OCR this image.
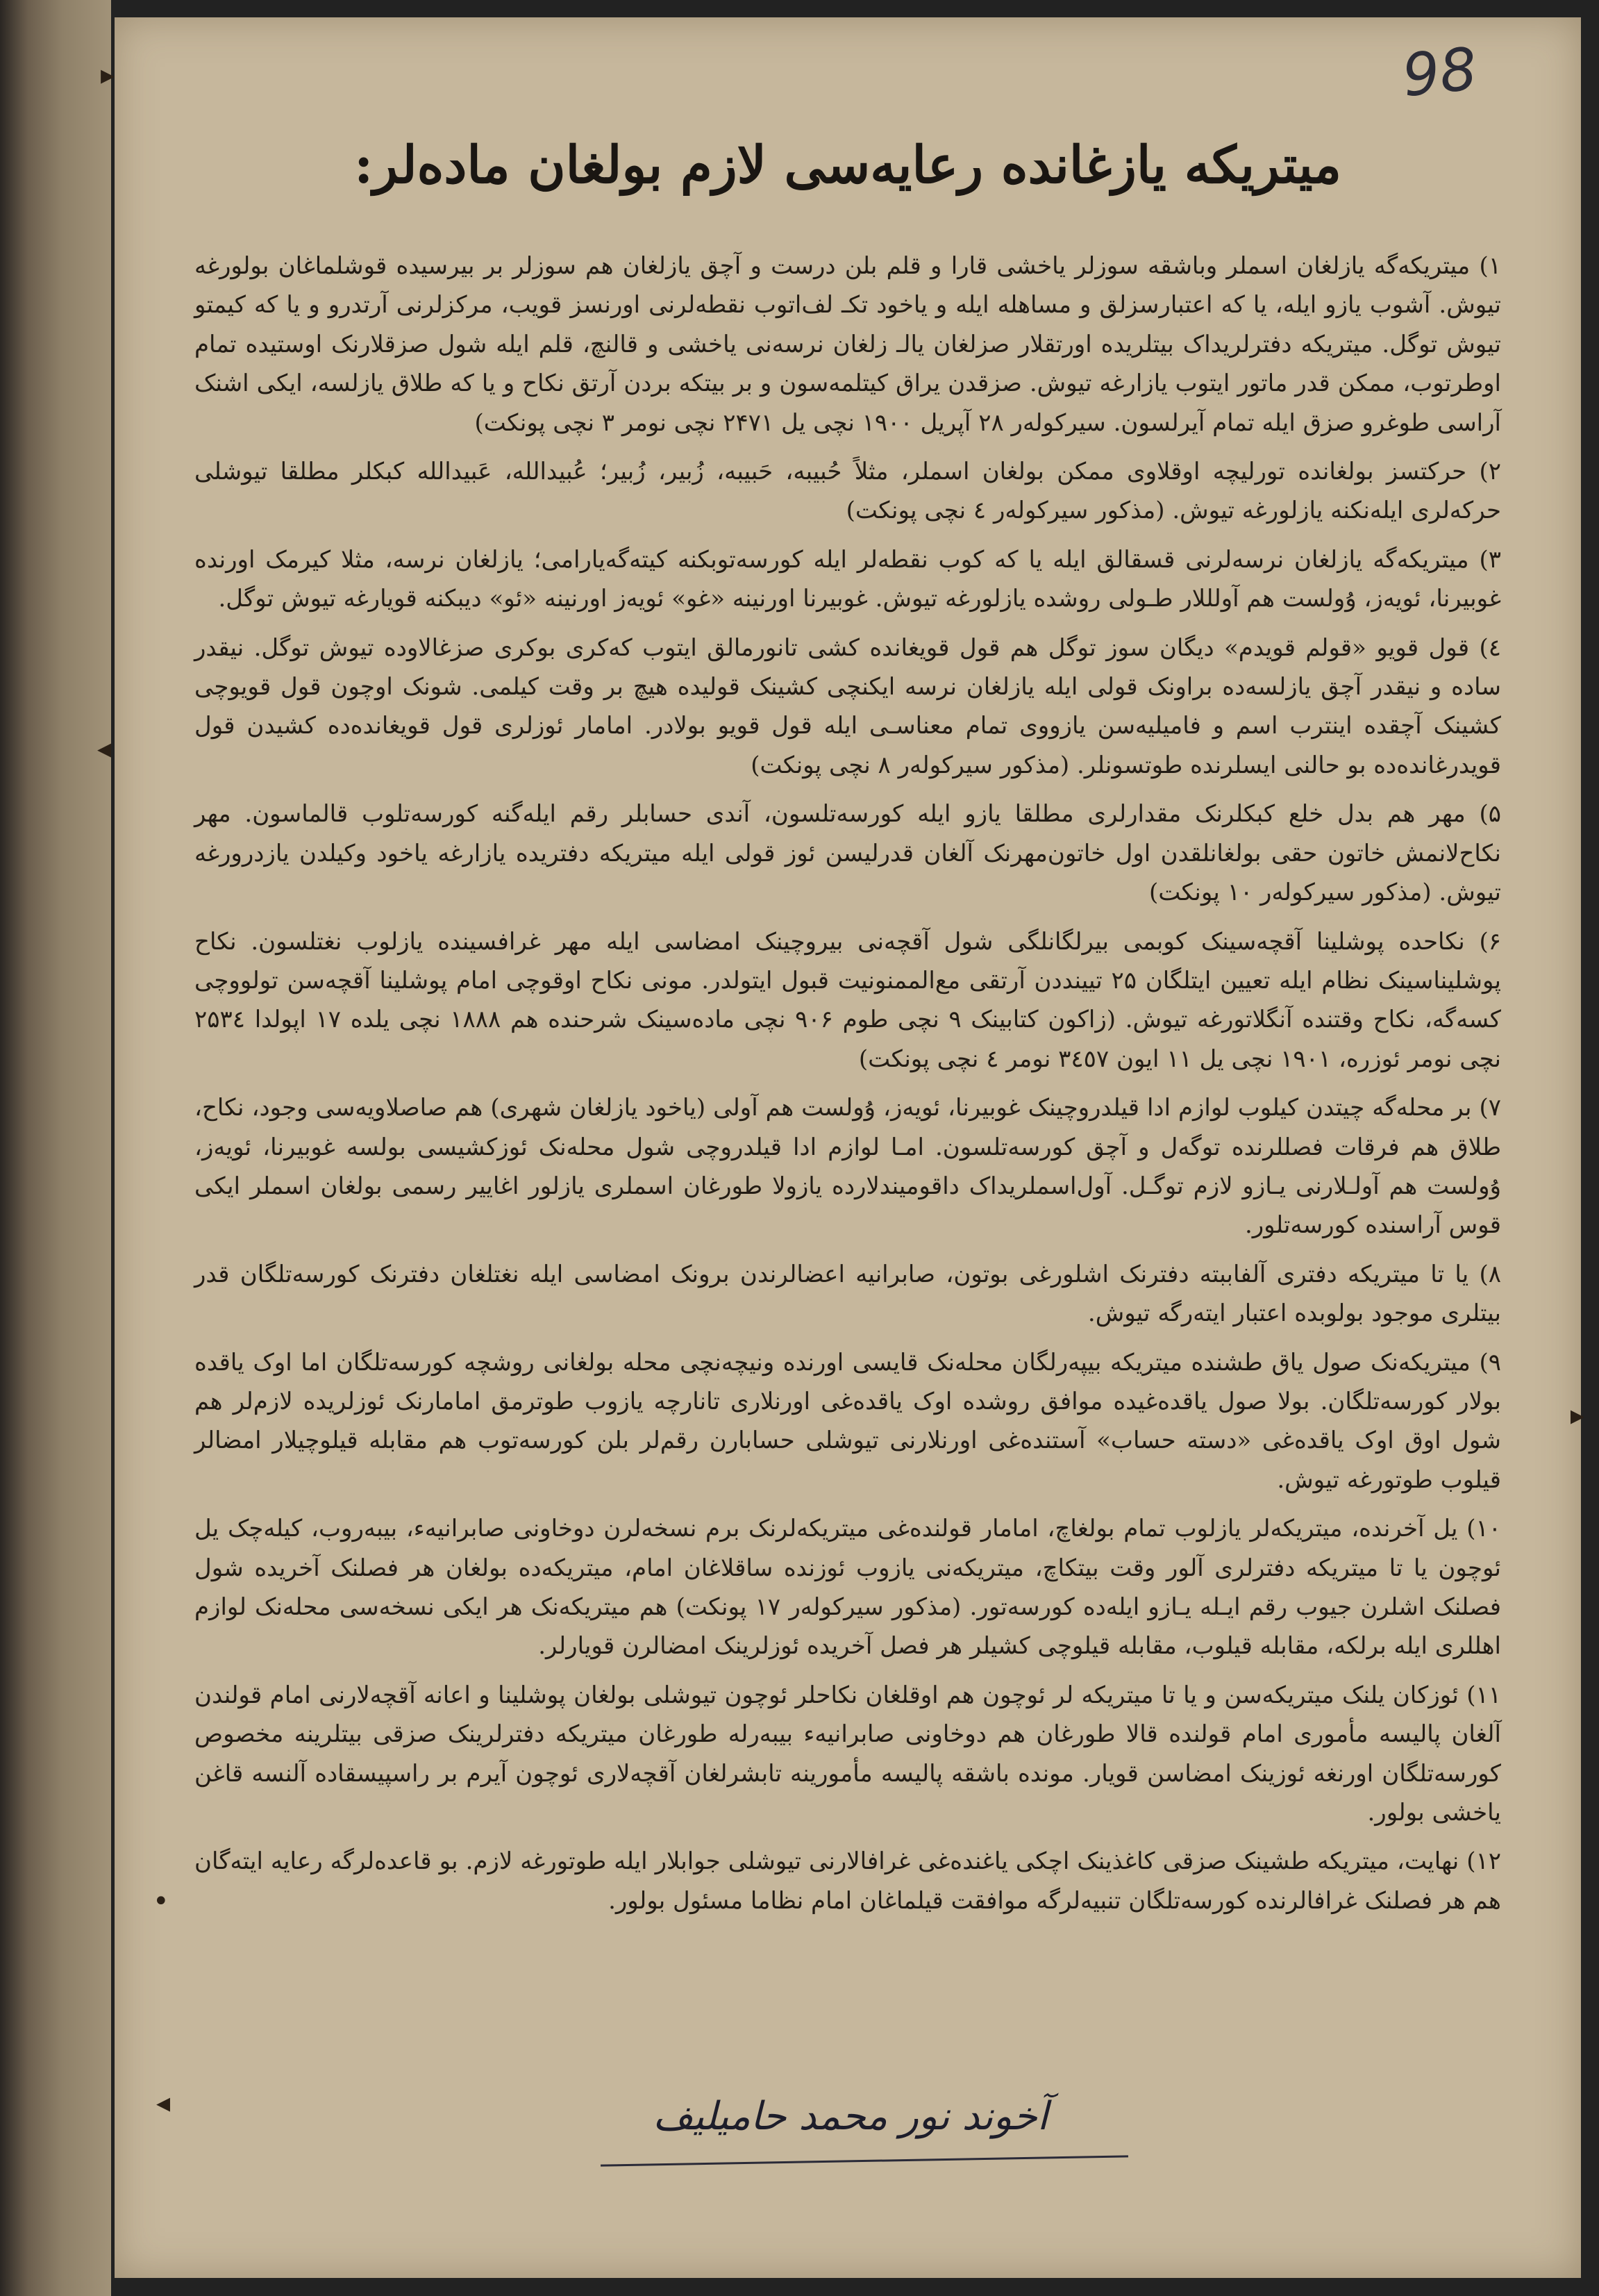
98
میتریکه یازغانده رعایه‌سی لازم بولغان ماده‌لر:

۱) میتریکه‌گه یازلغان اسملر وباشقه سوزلر یاخشی قارا و قلم بلن درست و آچق یازلغان هم سوزلر بر بیرسیده قوشلماغان بولورغه تیوش. آشوب یازو ایله، یا که اعتبارسزلق و مساهله ایله و یاخود تکـ لف‌اتوب نقطه‌لرنی اورنسز قویب، مرکزلرنی آرتدرو و یا که کیمتو تیوش توگل. میتریکه دفترلریدا‌ک بیتلریده اورتقلار صزلغان یالـ زلغان نرسه‌نی یاخشی و قالنچ، قلم ایله شول صزقلارنک اوستیده تمام اوطرتوب، ممکن قدر ماتور ایتوب یازارغه تیوش. صزقدن یراق کیتلمه‌سون و بر بیتکه بردن آرتق نکاح و یا که طلاق یازلسه، ایکی اشنک آراسی طوغرو صزق ایله تمام آیرلسون. سیرکوله‌ر ۲۸ آپریل ۱۹۰۰ نچی یل ۲۴۷۱ نچی نومر ۳ نچی پونکت)

۲) حرکتسز بولغانده تورلیچه اوقلاوی ممکن بولغان اسملر، مثلاً حُبیبه، حَبیبه، زُبیر، زُبیر؛ عُبیدالله، عَبیدالله کبکلر مطلقا تیوشلی حرکه‌لری ایله‌نکنه یازلورغه تیوش. (مذکور سیرکوله‌ر ٤ نچی پونکت)

۳) میتریکه‌گه یازلغان نرسه‌لرنی قسقالق ایله یا که کوب نقطه‌لر ایله کورسه‌توبکنه کیته‌گه‌یارامی؛ یازلغان نرسه، مثلا کیرمک اورنده غوبیرنا، ئویه‌ز، ۇولست هم آولللار طـولی روشده یازلورغه تیوش. غوبیرنا اورنینه «غو» ئویه‌ز اورنینه «ئو» دیبکنه قویارغه تیوش توگل.

٤) قول قویو «قولم قویدم» دیگان سوز توگل هم قول قویغانده کشی تانورمالق ایتوب که‌کری بوکری صزغالاوده تیوش توگل. نیقدر ساده و نیقدر آچق یازلسه‌ده براونک قولی ایله یازلغان نرسه ایکنچی کشینک قولیده هیچ بر وقت کیلمی. شونک اوچون قول قویوچی کشینک آچقده اینترب اسم و فامیلیه‌سن یازووی تمام معناسـی ایله قول قویو بولادر. امامار ئوزلری قول قویغانده‌ده کشیدن قول قویدرغانده‌ده بو حالنی ایسلرنده طوتسونلر. (مذکور سیرکوله‌ر ۸ نچی پونکت)

۵) مهر هم بدل خلع کبکلرنک مقدارلری مطلقا یازو ایله کورسه‌تلسون، آندی حسابلر رقم ایله‌گنه کورسه‌تلوب قالماسون. مهر نکاح‌لانمش خاتون حقی بولغانلقدن اول خاتون‌مهرنک آلغان قدرلیسن ئوز قولی ایله میتریکه دفتریده یازارغه یاخود وکیلدن یازدرورغه تیوش. (مذکور سیرکوله‌ر ۱۰ پونکت)

۶) نکاحده پوشلینا آقچه‌سینک کوبمی بیرلگانلگی شول آقچه‌نی بیروچینک امضاسی ایله مهر غرافسینده یازلوب نغتلسون. نکاح پوشلیناسینک نظام ایله تعیین ایتلگان ۲۵ تیینددن آرتقی مع‌الممنونیت قبول ایتولدر. مونی نکاح اوقوچی امام پوشلینا آقچه‌سن تولووچی کسه‌گه، نکاح وقتنده آنگلاتورغه تیوش. (زاکون کتابینک ۹ نچی طوم ۹۰۶ نچی ماده‌سینک شرحنده هم ۱۸۸۸ نچی یلده ۱۷ اپولدا ۲۵۳٤ نچی نومر ئوزره، ۱۹۰۱ نچی یل ۱۱ ایون ۳٤٥۷ نومر ٤ نچی پونکت)

۷) بر محله‌گه چیتدن کیلوب لوازم ادا قیلدروچینک غوبیرنا، ئویه‌ز، ۇولست هم آولی (یاخود یازلغان شهری) هم صاصلاویه‌سی وجود، نکاح، طلاق هم فرقات فصللرنده توگه‌ل و آچق کورسه‌تلسون. امـا لوازم ادا قیلدروچی شول محله‌نک ئوزکشیسی بولسه غوبیرنا، ئویه‌ز، ۇولست هم آولـلارنی یـازو لازم توگـل. آول‌اسملریدا‌ک داقومیندلارده یازولا طورغان اسملری یازلور اغاییر رسمی بولغان اسملر ایکی قوس آراسنده کورسه‌تلور.

۸) یا تا میتریکه دفتری آلفاببته دفترنک اشلورغی بوتون، صابرانیه اعضالرندن برونک امضاسی ایله نغتلغان دفترنک کورسه‌تلگان قدر بیتلری موجود بولوبده اعتبار ایته‌رگه تیوش.

۹) میتریکه‌نک صول یاق طشنده میتریکه بیپه‌رلگان محله‌نک قایسی اورنده ونیچه‌نچی محله بولغانی روشچه کورسه‌تلگان اما اوک یاقده بولار کورسه‌تلگان. بولا صول یاقده‌غیده موافق روشده اوک یاقده‌غی اورنلاری تانارچه یازوب طوترمق امامارنک ئوزلریده لازم‌لر هم شول اوق اوک یاقده‌غی «دسته حساب» آستنده‌غی اورنلارنی تیوشلی حسابارن رقم‌لر بلن کورسه‌توب هم مقابله قیلوچیلار امضالر قیلوب طوتورغه تیوش.

۱۰) یل آخرنده، میتریکه‌لر یازلوب تمام بولغاچ، امامار قولنده‌غی میتریکه‌لرنک برم نسخه‌لرن دوخاونی صابرانیه‌ء، بیبه‌روب، کیله‌چک یل ئوچون یا تا میتریکه دفترلری آلور وقت بیتکاچ، میتریکه‌نی یازوب ئوزنده ساقلاغان امام، میتریکه‌ده بولغان هر فصلنک آخریده شول فصلنک اشلرن جیوب رقم ایـله یـازو ایله‌ده کورسه‌تور. (مذکور سیرکوله‌ر ۱۷ پونکت) هم میتریکه‌نک هر ایکی نسخه‌سی محله‌نک لوازم اهللری ایله برلکه، مقابله قیلوب، مقابله قیلوچی کشیلر هر فصل آخریده ئوزلرینک امضالرن قویارلر.

۱۱) ئوزکان یلنک میتریکه‌سن و یا تا میتریکه لر ئوچون هم اوقلغان نکاحلر ئوچون تیوشلی بولغان پوشلینا و اعانه آقچه‌لارنی امام قولندن آلغان پالیسه مأموری امام قولنده قالا طورغان هم دوخاونی صابرانیه‌ء بیبه‌رله طورغان میتریکه دفترلرینک صزقی بیتلرینه مخصوص کورسه‌تلگان اورنغه ئوزینک امضاسن قویار. مونده باشقه پالیسه مأمورینه تابشرلغان آقچه‌لاری ئوچون آیرم بر راسپیسقاده آلنسه قاغن یاخشی بولور.

۱۲) نهایت، میتریکه طشینک صزقی کاغذینک اچکی یاغنده‌غی غرافالارنی تیوشلی جوابلار ایله طوتورغه لازم. بو قاعده‌لرگه رعایه ایته‌گان هم هر فصلنک غرافالرنده کورسه‌تلگان تنبیه‌لرگه موافقت قیلماغان امام نظاما مسئول بولور.

آخوند نور محمد حامیلیف
▸
◂
▸
•
◂
